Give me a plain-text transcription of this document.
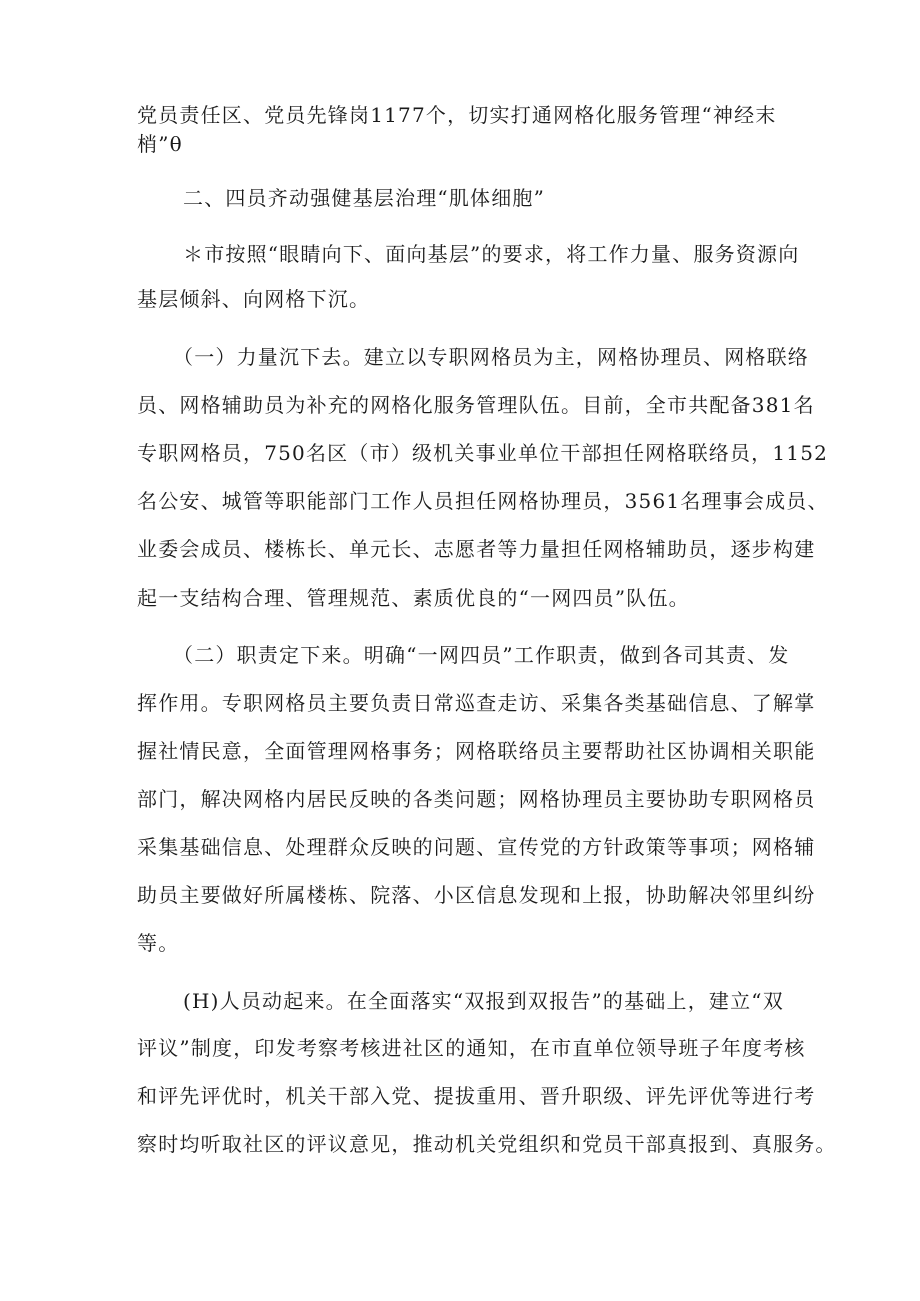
党员责任区、党员先锋岗1177个，切实打通网格化服务管理“神经末
梢”θ
二、四员齐动强健基层治理“肌体细胞”
＊市按照“眼睛向下、面向基层”的要求，将工作力量、服务资源向
基层倾斜、向网格下沉。
（一）力量沉下去。建立以专职网格员为主，网格协理员、网格联络
员、网格辅助员为补充的网格化服务管理队伍。目前，全市共配备381名
专职网格员，750名区（市）级机关事业单位干部担任网格联络员，1152
名公安、城管等职能部门工作人员担任网格协理员，3561名理事会成员、
业委会成员、楼栋长、单元长、志愿者等力量担任网格辅助员，逐步构建
起一支结构合理、管理规范、素质优良的“一网四员”队伍。
（二）职责定下来。明确“一网四员”工作职责，做到各司其责、发
挥作用。专职网格员主要负责日常巡查走访、采集各类基础信息、了解掌
握社情民意，全面管理网格事务；网格联络员主要帮助社区协调相关职能
部门，解决网格内居民反映的各类问题；网格协理员主要协助专职网格员
采集基础信息、处理群众反映的问题、宣传党的方针政策等事项；网格辅
助员主要做好所属楼栋、院落、小区信息发现和上报，协助解决邻里纠纷
等。
(H)人员动起来。在全面落实“双报到双报告”的基础上，建立“双
评议”制度，印发考察考核进社区的通知，在市直单位领导班子年度考核
和评先评优时，机关干部入党、提拔重用、晋升职级、评先评优等进行考
察时均听取社区的评议意见，推动机关党组织和党员干部真报到、真服务。
